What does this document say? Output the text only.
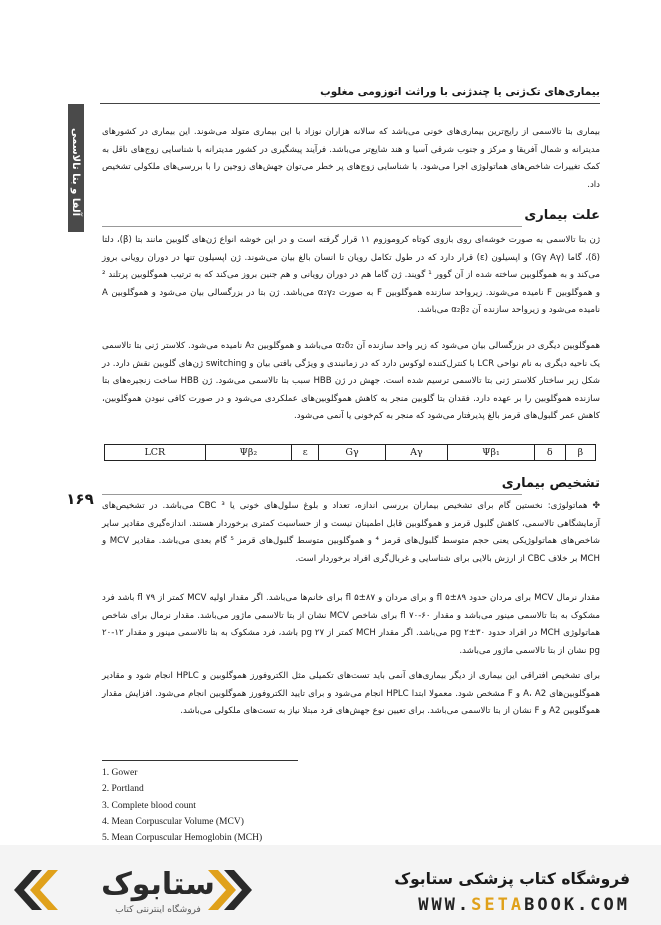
بیماری‌های تک‌ژنی یا چندژنی با وراثت اتوزومی مغلوب
آلفا و بتا تالاسمی
۱۶۹
بیماری بتا تالاسمی از رایج‌ترین بیماری‌های خونی می‌باشد که سالانه هزاران نوزاد با این بیماری متولد می‌شوند. این بیماری در کشورهای مدیترانه و شمال آفریقا و مرکز و جنوب شرقی آسیا و هند شایع‌تر می‌باشد. فرآیند پیشگیری در کشور مدیترانه با شناسایی زوج‌های ناقل به کمک تغییرات شاخص‌های هماتولوژی اجرا می‌شود. با شناسایی زوج‌های پر خطر می‌توان جهش‌های زوجین را با بررسی‌های ملکولی تشخیص داد.
علت بیماری
ژن بتا تالاسمی به صورت خوشه‌ای روی بازوی کوتاه کروموزوم ۱۱ قرار گرفته است و در این خوشه انواع ژن‌های گلوبین مانند بتا (β)، دلتا (δ)، گاما (Gγ Aγ) و اپسیلون (ε) قرار دارد که در طول تکامل رویان تا انسان بالغ بیان می‌شوند. ژن اپسیلون تنها در دوران رویانی بروز می‌کند و به هموگلوبین ساخته شده از آن گوور ¹ گویند. ژن گاما هم در دوران رویانی و هم جنین بروز می‌کند که به ترتیب هموگلوبین پرتلند ² و هموگلوبین F نامیده می‌شوند. زیرواحد سازنده هموگلوبین F به صورت α₂γ₂ می‌باشد. ژن بتا در بزرگسالی بیان می‌شود و هموگلوبین A نامیده می‌شود و زیرواحد سازنده آن α₂β₂ می‌باشد.
هموگلوبین دیگری در بزرگسالی بیان می‌شود که زیر واحد سازنده آن α₂δ₂ می‌باشد و هموگلوبین A₂ نامیده می‌شود. کلاستر ژنی بتا تالاسمی یک ناحیه دیگری به نام نواحی LCR با کنترل‌کننده لوکوس دارد که در زمانبندی و ویژگی بافتی بیان و switching ژن‌های گلوبین نقش دارد. در شکل زیر ساختار کلاستر ژنی بتا تالاسمی ترسیم شده است. جهش در ژن HBB سبب بتا تالاسمی می‌شود. ژن HBB ساخت زنجیره‌های بتا سازنده هموگلوبین را بر عهده دارد. فقدان بتا گلوبین منجر به کاهش هموگلوبین‌های عملکردی می‌شود و در صورت کافی نبودن هموگلوبین، کاهش عمر گلبول‌های قرمز بالغ پذیرفتار می‌شود که منجر به کم‌خونی یا آنمی می‌شود.
LCR	Ψβ₂	ε	Gγ	Aγ	Ψβ₁	δ	β
تشخیص بیماری
✤ هماتولوژی: نخستین گام برای تشخیص بیماران بررسی اندازه، تعداد و بلوغ سلول‌های خونی یا CBC ³ می‌باشد. در تشخیص‌های آزمایشگاهی تالاسمی، کاهش گلبول قرمز و هموگلوبین قابل اطمینان نیست و از حساسیت کمتری برخوردار هستند. اندازه‌گیری مقادیر سایر شاخص‌های هماتولوژیکی یعنی حجم متوسط گلبول‌های قرمز ⁴ و هموگلوبین متوسط گلبول‌های قرمز ⁵ گام بعدی می‌باشد. مقادیر MCV و MCH بر خلاف CBC از ارزش بالایی برای شناسایی و غربال‌گری افراد برخوردار است.
مقدار نرمال MCV برای مردان حدود ۸۹±۵ fl و برای مردان و ۸۷±۵ fl برای خانم‌ها می‌باشد. اگر مقدار اولیه MCV کمتر از ۷۹ fl باشد فرد مشکوک به بتا تالاسمی مینور می‌باشد و مقدار ۶۰-۷۰ fl برای شاخص MCV نشان از بتا تالاسمی ماژور می‌باشد. مقدار نرمال برای شاخص هماتولوژی MCH در افراد حدود ۳۰±۲ pg می‌باشد. اگر مقدار MCH کمتر از ۲۷ pg باشد، فرد مشکوک به بتا تالاسمی مینور و مقدار ۱۲-۲۰ pg نشان از بتا تالاسمی ماژور می‌باشد.
برای تشخیص افتراقی این بیماری از دیگر بیماری‌های آنمی باید تست‌های تکمیلی مثل الکتروفورز هموگلوبین و HPLC انجام شود و مقادیر هموگلوبین‌های A، A2 و F مشخص شود. معمولا ابتدا HPLC انجام می‌شود و برای تایید الکتروفورز هموگلوبین انجام می‌شود. افزایش مقدار هموگلوبین A2 و F نشان از بتا تالاسمی می‌باشد. برای تعیین نوع جهش‌های فرد مبتلا نیاز به تست‌های ملکولی می‌باشد.
1. Gower
2. Portland
3. Complete blood count
4. Mean Corpuscular Volume (MCV)
5. Mean Corpuscular Hemoglobin (MCH)
ستابوک
فروشگاه اینترنتی کتاب
فروشگاه کتاب پزشکی ستابوک
WWW.SETABOOK.COM
